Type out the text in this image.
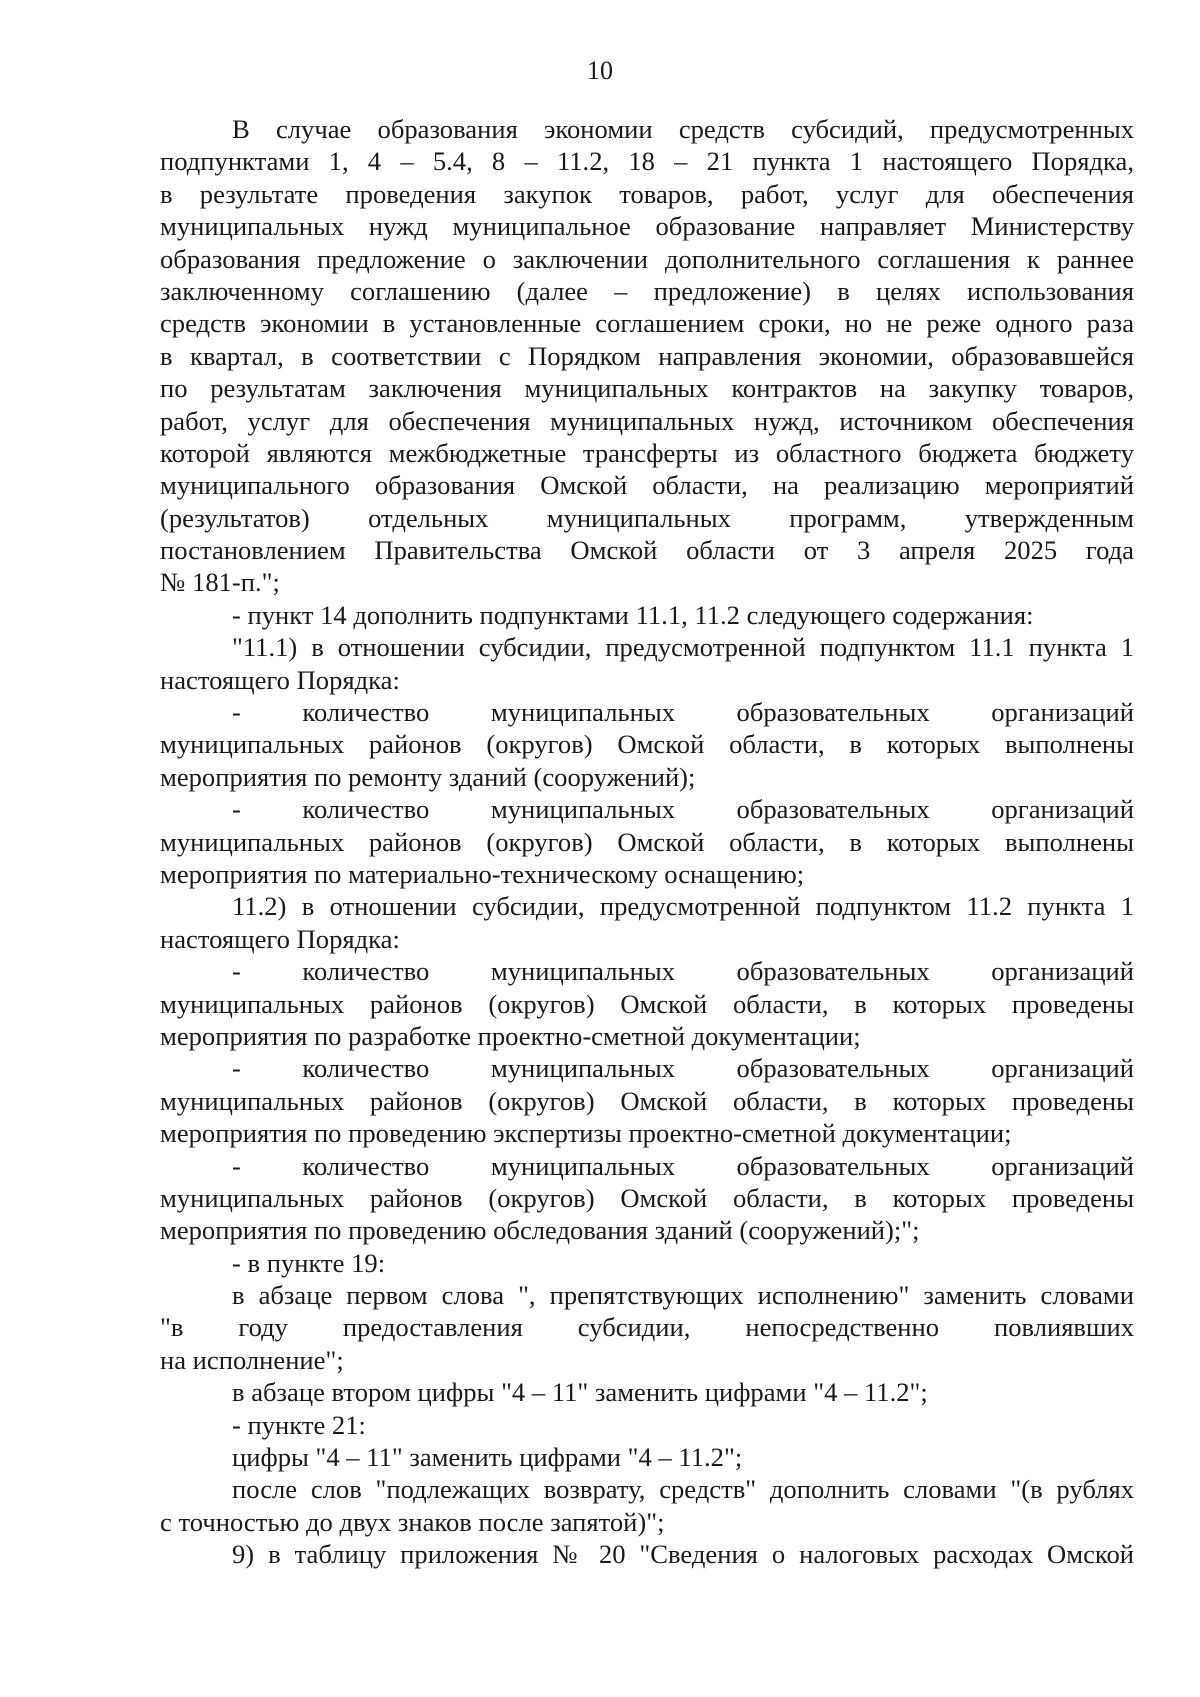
10
В случае образования экономии средств субсидий, предусмотренных
подпунктами 1, 4 – 5.4, 8 – 11.2, 18 – 21 пункта 1 настоящего Порядка,
в результате проведения закупок товаров, работ, услуг для обеспечения
муниципальных нужд муниципальное образование направляет Министерству
образования предложение о заключении дополнительного соглашения к раннее
заключенному соглашению (далее – предложение) в целях использования
средств экономии в установленные соглашением сроки, но не реже одного раза
в квартал, в соответствии с Порядком направления экономии, образовавшейся
по результатам заключения муниципальных контрактов на закупку товаров,
работ, услуг для обеспечения муниципальных нужд, источником обеспечения
которой являются межбюджетные трансферты из областного бюджета бюджету
муниципального образования Омской области, на реализацию мероприятий
(результатов) отдельных муниципальных программ, утвержденным
постановлением Правительства Омской области от 3 апреля 2025 года
№ 181-п.";
- пункт 14 дополнить подпунктами 11.1, 11.2 следующего содержания:
"11.1) в отношении субсидии, предусмотренной подпунктом 11.1 пункта 1
настоящего Порядка:
- количество муниципальных образовательных организаций
муниципальных районов (округов) Омской области, в которых выполнены
мероприятия по ремонту зданий (сооружений);
- количество муниципальных образовательных организаций
муниципальных районов (округов) Омской области, в которых выполнены
мероприятия по материально-техническому оснащению;
11.2) в отношении субсидии, предусмотренной подпунктом 11.2 пункта 1
настоящего Порядка:
- количество муниципальных образовательных организаций
муниципальных районов (округов) Омской области, в которых проведены
мероприятия по разработке проектно-сметной документации;
- количество муниципальных образовательных организаций
муниципальных районов (округов) Омской области, в которых проведены
мероприятия по проведению экспертизы проектно-сметной документации;
- количество муниципальных образовательных организаций
муниципальных районов (округов) Омской области, в которых проведены
мероприятия по проведению обследования зданий (сооружений);";
- в пункте 19:
в абзаце первом слова ", препятствующих исполнению" заменить словами
"в году предоставления субсидии, непосредственно повлиявших
на исполнение";
в абзаце втором цифры "4 – 11" заменить цифрами "4 – 11.2";
- пункте 21:
цифры "4 – 11" заменить цифрами "4 – 11.2";
после слов "подлежащих возврату, средств" дополнить словами "(в рублях
с точностью до двух знаков после запятой)";
9) в таблицу приложения № 20 "Сведения о налоговых расходах Омской
